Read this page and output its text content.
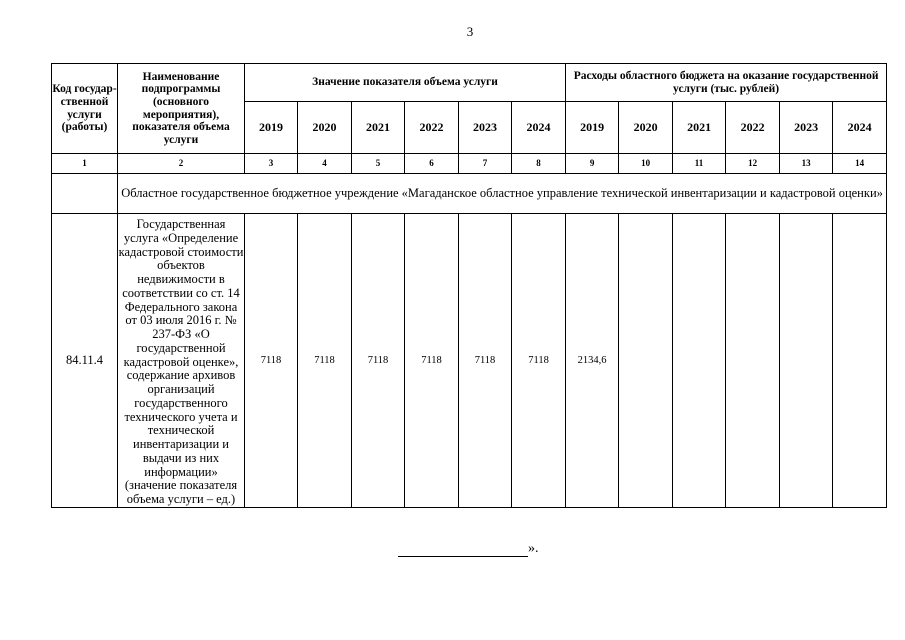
3
Код государ-ственной услуги (работы)	Наименование подпрограммы (основного мероприятия), показателя объема услуги	Значение показателя объема услуги						Расходы областного бюджета на оказание государственной услуги (тыс. рублей)					
		2019	2020	2021	2022	2023	2024	2019	2020	2021	2022	2023	2024
1	2	3	4	5	6	7	8	9	10	11	12	13	14
	Областное государственное бюджетное учреждение «Магаданское областное управление технической инвентаризации и кадастровой оценки»												
84.11.4	Государственная услуга «Определение кадастровой стоимости объектов недвижимости в соответствии со ст. 14 Федерального закона от 03 июля 2016 г. № 237-ФЗ «О государственной кадастровой оценке», содержание архивов организаций государственного технического учета и технической инвентаризации и выдачи из них информации» (значение показателя объема услуги – ед.)	7118	7118	7118	7118	7118	7118	2134,6					
».
